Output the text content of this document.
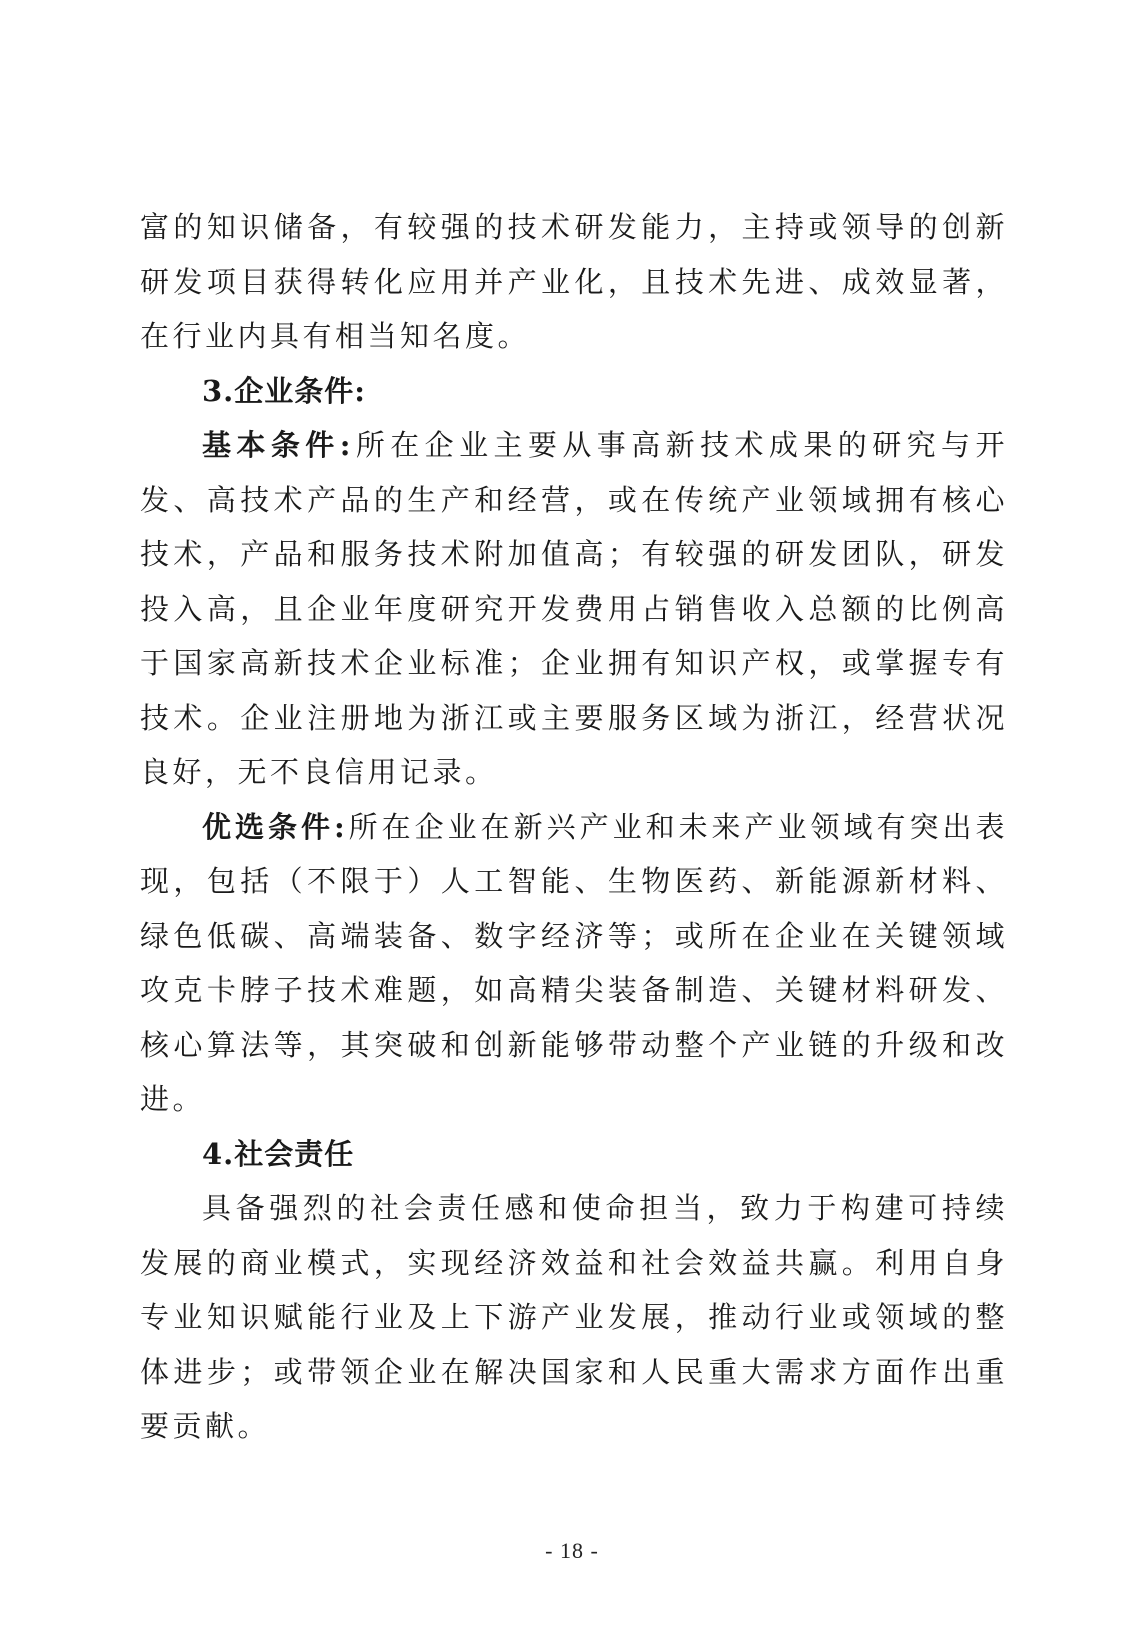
富的知识储备，有较强的技术研发能力，主持或领导的创新研发项目获得转化应用并产业化，且技术先进、成效显著，在行业内具有相当知名度。

3.企业条件:

基本条件:所在企业主要从事高新技术成果的研究与开发、高技术产品的生产和经营，或在传统产业领域拥有核心技术，产品和服务技术附加值高；有较强的研发团队，研发投入高，且企业年度研究开发费用占销售收入总额的比例高于国家高新技术企业标准；企业拥有知识产权，或掌握专有技术。企业注册地为浙江或主要服务区域为浙江，经营状况良好，无不良信用记录。

优选条件:所在企业在新兴产业和未来产业领域有突出表现，包括（不限于）人工智能、生物医药、新能源新材料、绿色低碳、高端装备、数字经济等；或所在企业在关键领域攻克卡脖子技术难题，如高精尖装备制造、关键材料研发、核心算法等，其突破和创新能够带动整个产业链的升级和改进。

4.社会责任

具备强烈的社会责任感和使命担当，致力于构建可持续发展的商业模式，实现经济效益和社会效益共赢。利用自身专业知识赋能行业及上下游产业发展，推动行业或领域的整体进步；或带领企业在解决国家和人民重大需求方面作出重要贡献。

- 18 -
